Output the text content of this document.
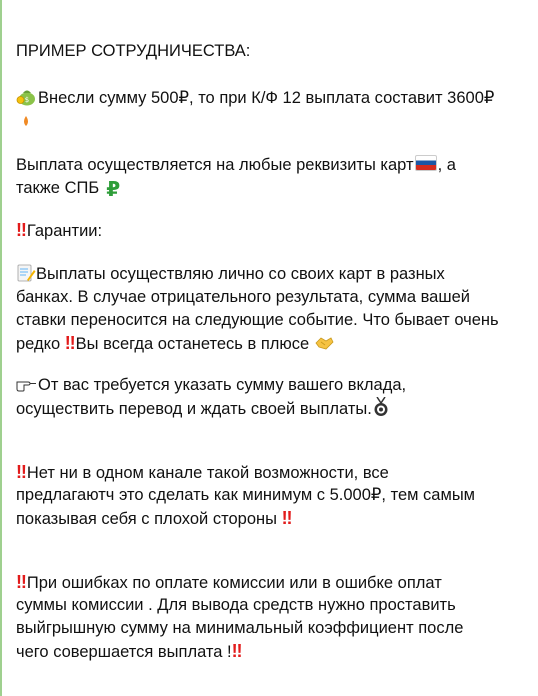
ПРИМЕР СОТРУДНИЧЕСТВА:
$ Внесли сумму 500₽, то при К/Ф 12 выплата составит 3600₽
Выплата осуществляется на любые реквизиты карт , а
также СПБ ₽
‼ Гарантии:
Выплаты осуществляю лично со своих карт в разных
банках. В случае отрицательного результата, сумма вашей
ставки переносится на следующие событие. Что бывает очень
редко ‼ Вы всегда останетесь в плюсе
От вас требуется указать сумму вашего вклада,
осуществить перевод и ждать своей выплаты.
‼ Нет ни в одном канале такой возможности, все
предлагаютч это сделать как минимум с 5.000₽, тем самым
показывая себя с плохой стороны ‼
‼ При ошибках по оплате комиссии или в ошибке оплат
суммы комиссии . Для вывода средств нужно проставить
выйгрышную сумму на минимальный коэффициент после
чего совершается выплата !‼
